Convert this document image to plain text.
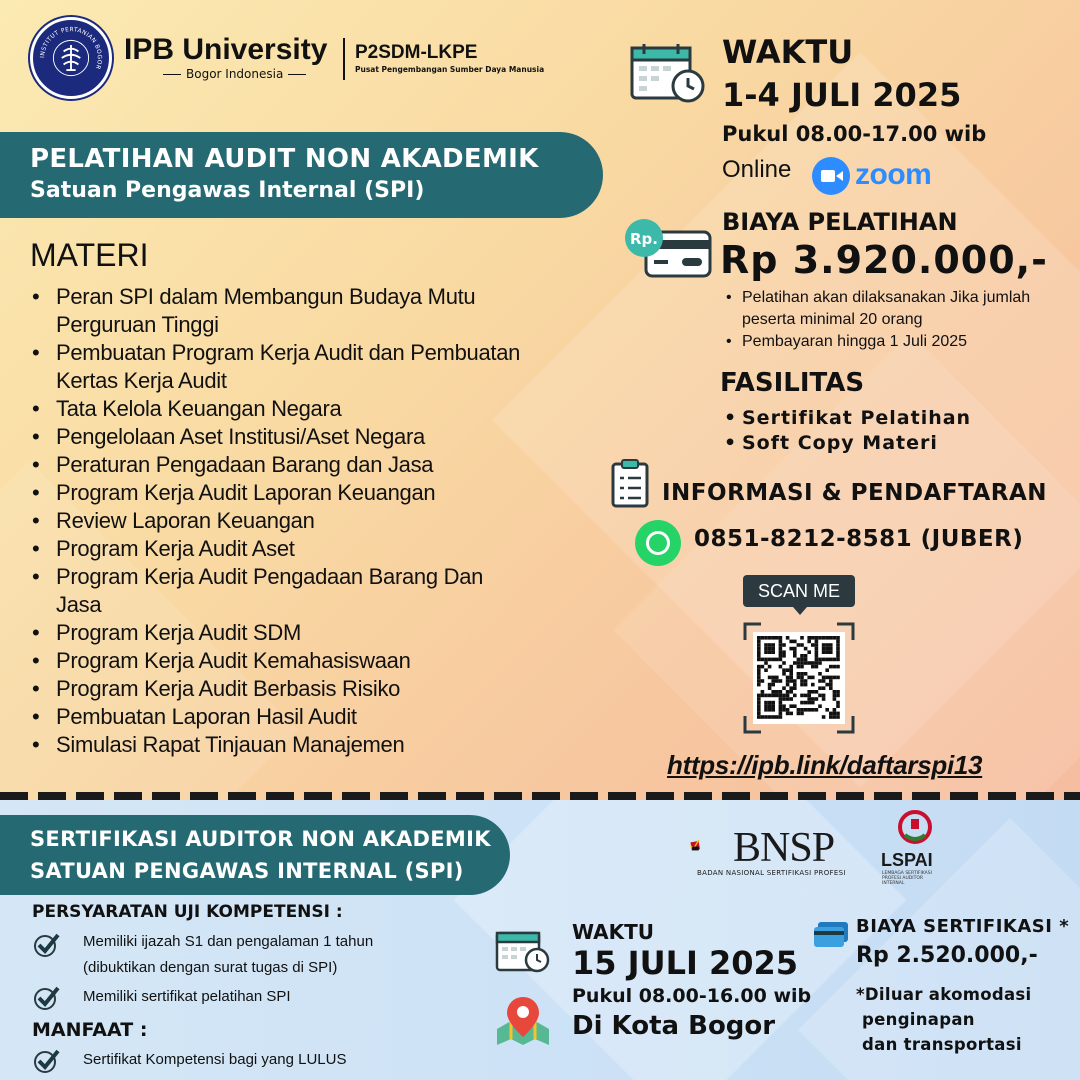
INSTITUT PERTANIAN BOGOR
IPB University
Bogor Indonesia
P2SDM-LKPE
Pusat Pengembangan Sumber Daya Manusia
PELATIHAN AUDIT NON AKADEMIK
Satuan Pengawas Internal (SPI)
MATERI
• Peran SPI dalam Membangun Budaya Mutu Perguruan Tinggi
• Pembuatan Program Kerja Audit dan Pembuatan Kertas Kerja Audit
• Tata Kelola Keuangan Negara
• Pengelolaan Aset Institusi/Aset Negara
• Peraturan Pengadaan Barang dan Jasa
• Program Kerja Audit Laporan Keuangan
• Review Laporan Keuangan
• Program Kerja Audit Aset
• Program Kerja Audit Pengadaan Barang Dan Jasa
• Program Kerja Audit SDM
• Program Kerja Audit Kemahasiswaan
• Program Kerja Audit Berbasis Risiko
• Pembuatan Laporan Hasil Audit
• Simulasi Rapat Tinjauan Manajemen
WAKTU
1-4 JULI 2025
Pukul 08.00-17.00 wib
Online zoom
Rp.
BIAYA PELATIHAN
Rp 3.920.000,-
• Pelatihan akan dilaksanakan Jika jumlah peserta minimal 20 orang
• Pembayaran hingga 1 Juli 2025
FASILITAS
• Sertifikat Pelatihan
• Soft Copy Materi
INFORMASI & PENDAFTARAN
0851-8212-8581 (JUBER)
SCAN ME
https://ipb.link/daftarspi13
SERTIFIKASI AUDITOR NON AKADEMIK
SATUAN PENGAWAS INTERNAL (SPI)	BNSP
BADAN NASIONAL SERTIFIKASI PROFESI
LSPAI
LEMBAGA SERTIFIKASI PROFESI AUDITOR INTERNAL
PERSYARATAN UJI KOMPETENSI :
Memiliki ijazah S1 dan pengalaman 1 tahun
(dibuktikan dengan surat tugas di SPI)
Memiliki sertifikat pelatihan SPI
MANFAAT :
Sertifikat Kompetensi bagi yang LULUS
WAKTU
15 JULI 2025
Pukul 08.00-16.00 wib
Di Kota Bogor
BIAYA SERTIFIKASI *
Rp 2.520.000,-
*Diluar akomodasi
penginapan
dan transportasi
